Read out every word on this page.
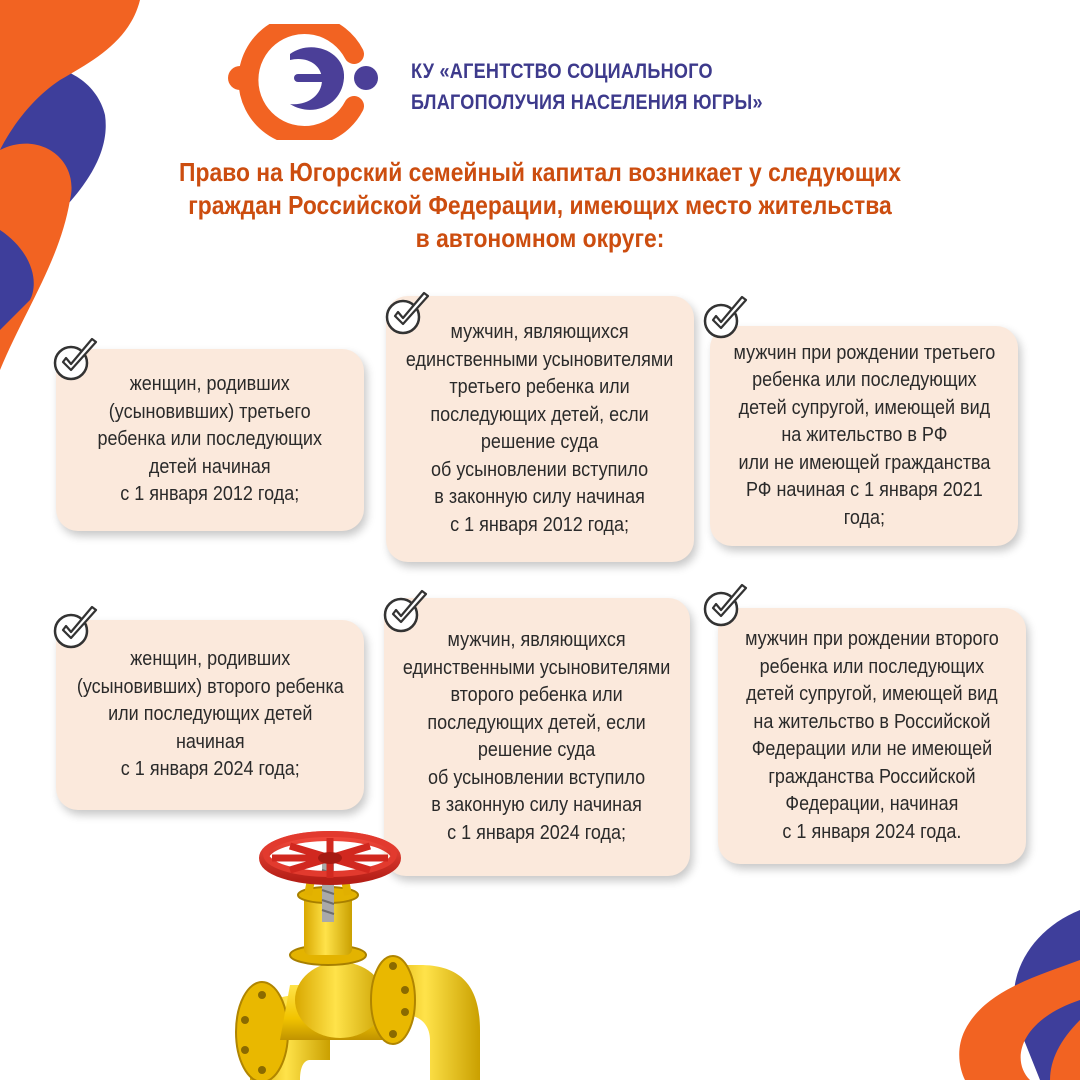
КУ «АГЕНТСТВО СОЦИАЛЬНОГО
БЛАГОПОЛУЧИЯ НАСЕЛЕНИЯ ЮГРЫ»
Право на Югорский семейный капитал возникает у следующих
граждан Российской Федерации, имеющих место жительства
в автономном округе:
женщин, родивших
(усыновивших) третьего
ребенка или последующих
детей начиная
с 1 января 2012 года;
мужчин, являющихся
единственными усыновителями
третьего ребенка или
последующих детей, если
решение суда
об усыновлении вступило
в законную силу начиная
с 1 января 2012 года;
мужчин при рождении третьего
ребенка или последующих
детей супругой, имеющей вид
на жительство в РФ
или не имеющей гражданства
РФ начиная с 1 января 2021
года;
женщин, родивших
(усыновивших) второго ребенка
или последующих детей
начиная
с 1 января 2024 года;
мужчин, являющихся
единственными усыновителями
второго ребенка или
последующих детей, если
решение суда
об усыновлении вступило
в законную силу начиная
с 1 января 2024 года;
мужчин при рождении второго
ребенка или последующих
детей супругой, имеющей вид
на жительство в Российской
Федерации или не имеющей
гражданства Российской
Федерации, начиная
с 1 января 2024 года.
